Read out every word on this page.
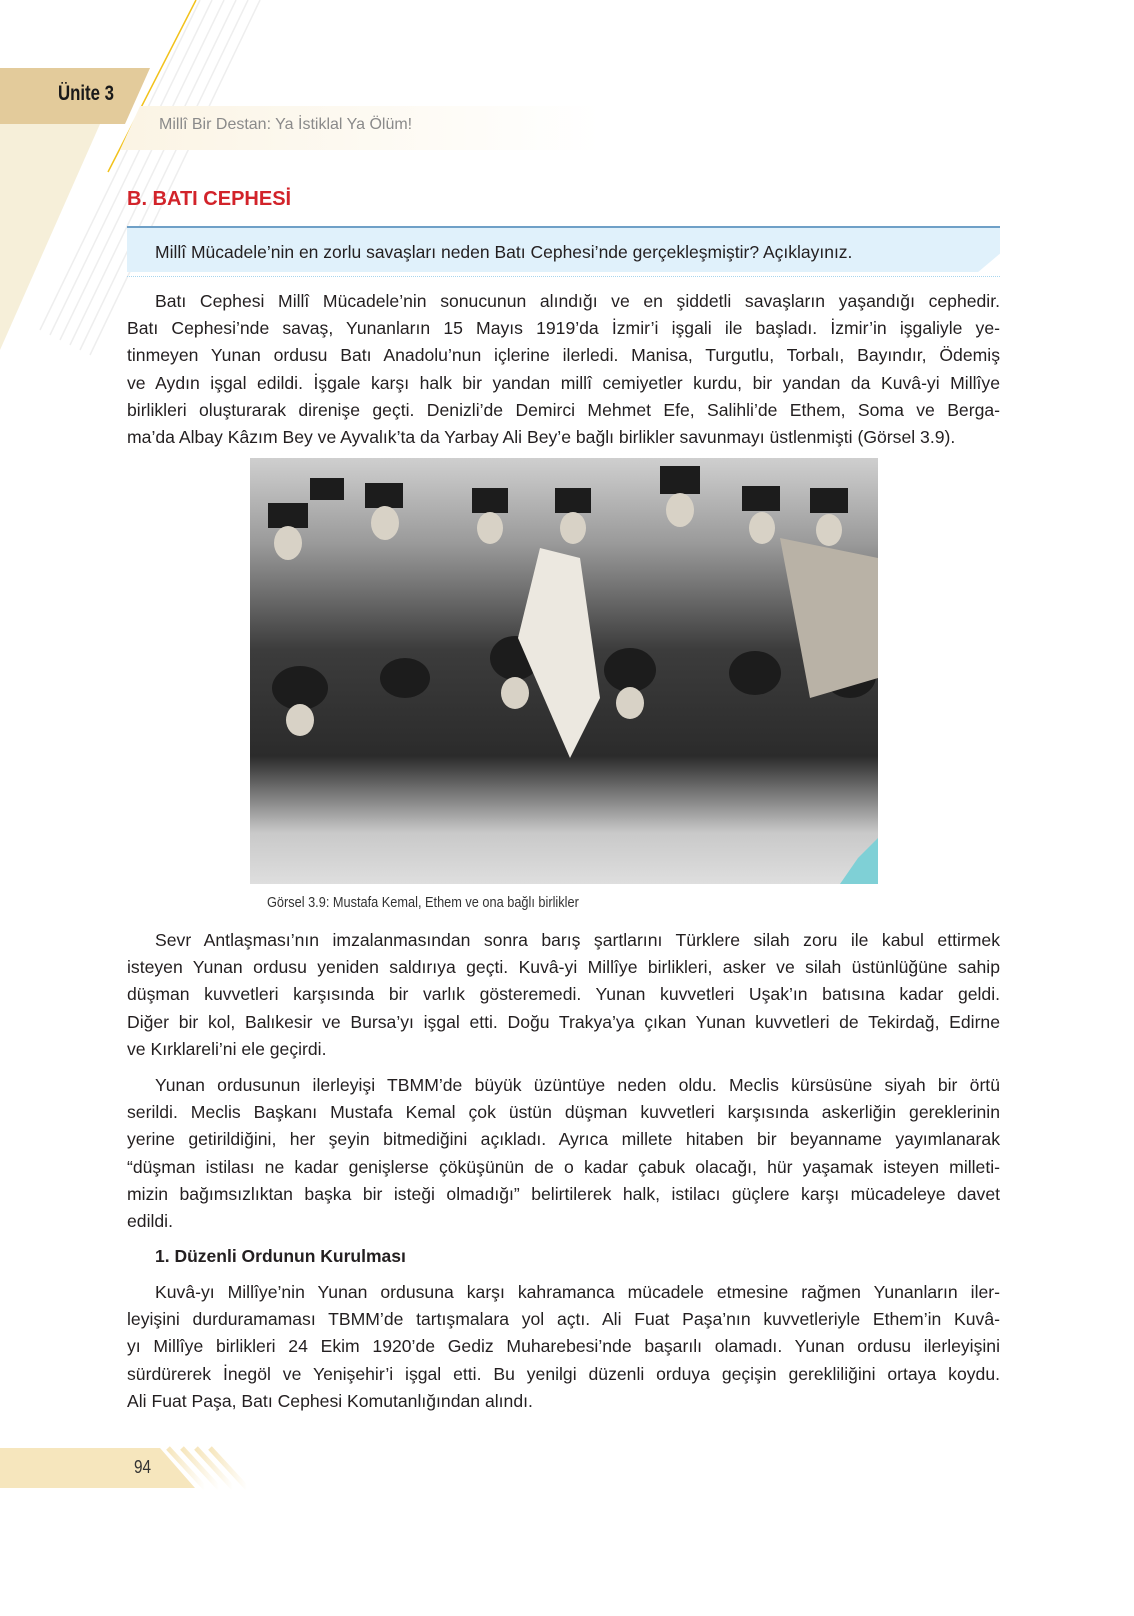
Ünite 3
Millî Bir Destan: Ya İstiklal Ya Ölüm!
B. BATI CEPHESİ
Millî Mücadele’nin en zorlu savaşları neden Batı Cephesi’nde gerçekleşmiştir? Açıklayınız.
Batı Cephesi Millî Mücadele’nin sonucunun alındığı ve en şiddetli savaşların yaşandığı cephedir.
Batı Cephesi’nde savaş, Yunanların 15 Mayıs 1919’da İzmir’i işgali ile başladı. İzmir’in işgaliyle ye-
tinmeyen Yunan ordusu Batı Anadolu’nun içlerine ilerledi. Manisa, Turgutlu, Torbalı, Bayındır, Ödemiş
ve Aydın işgal edildi. İşgale karşı halk bir yandan millî cemiyetler kurdu, bir yandan da Kuvâ-yi Millîye
birlikleri oluşturarak direnişe geçti. Denizli’de Demirci Mehmet Efe, Salihli’de Ethem, Soma ve Berga-
ma’da Albay Kâzım Bey ve Ayvalık’ta da Yarbay Ali Bey’e bağlı birlikler savunmayı üstlenmişti (Görsel 3.9).
Görsel 3.9: Mustafa Kemal, Ethem ve ona bağlı birlikler
Sevr Antlaşması’nın imzalanmasından sonra barış şartlarını Türklere silah zoru ile kabul ettirmek
isteyen Yunan ordusu yeniden saldırıya geçti. Kuvâ-yi Millîye birlikleri, asker ve silah üstünlüğüne sahip
düşman kuvvetleri karşısında bir varlık gösteremedi. Yunan kuvvetleri Uşak’ın batısına kadar geldi.
Diğer bir kol, Balıkesir ve Bursa’yı işgal etti. Doğu Trakya’ya çıkan Yunan kuvvetleri de Tekirdağ, Edirne
ve Kırklareli’ni ele geçirdi.
Yunan ordusunun ilerleyişi TBMM’de büyük üzüntüye neden oldu. Meclis kürsüsüne siyah bir örtü
serildi. Meclis Başkanı Mustafa Kemal çok üstün düşman kuvvetleri karşısında askerliğin gereklerinin
yerine getirildiğini, her şeyin bitmediğini açıkladı. Ayrıca millete hitaben bir beyanname yayımlanarak
“düşman istilası ne kadar genişlerse çöküşünün de o kadar çabuk olacağı, hür yaşamak isteyen milleti-
mizin bağımsızlıktan başka bir isteği olmadığı” belirtilerek halk, istilacı güçlere karşı mücadeleye davet
edildi.
1. Düzenli Ordunun Kurulması
Kuvâ-yı Millîye’nin Yunan ordusuna karşı kahramanca mücadele etmesine rağmen Yunanların iler-
leyişini durduramaması TBMM’de tartışmalara yol açtı. Ali Fuat Paşa’nın kuvvetleriyle Ethem’in Kuvâ-
yı Millîye birlikleri 24 Ekim 1920’de Gediz Muharebesi’nde başarılı olamadı. Yunan ordusu ilerleyişini
sürdürerek İnegöl ve Yenişehir’i işgal etti. Bu yenilgi düzenli orduya geçişin gerekliliğini ortaya koydu.
Ali Fuat Paşa, Batı Cephesi Komutanlığından alındı.
94
